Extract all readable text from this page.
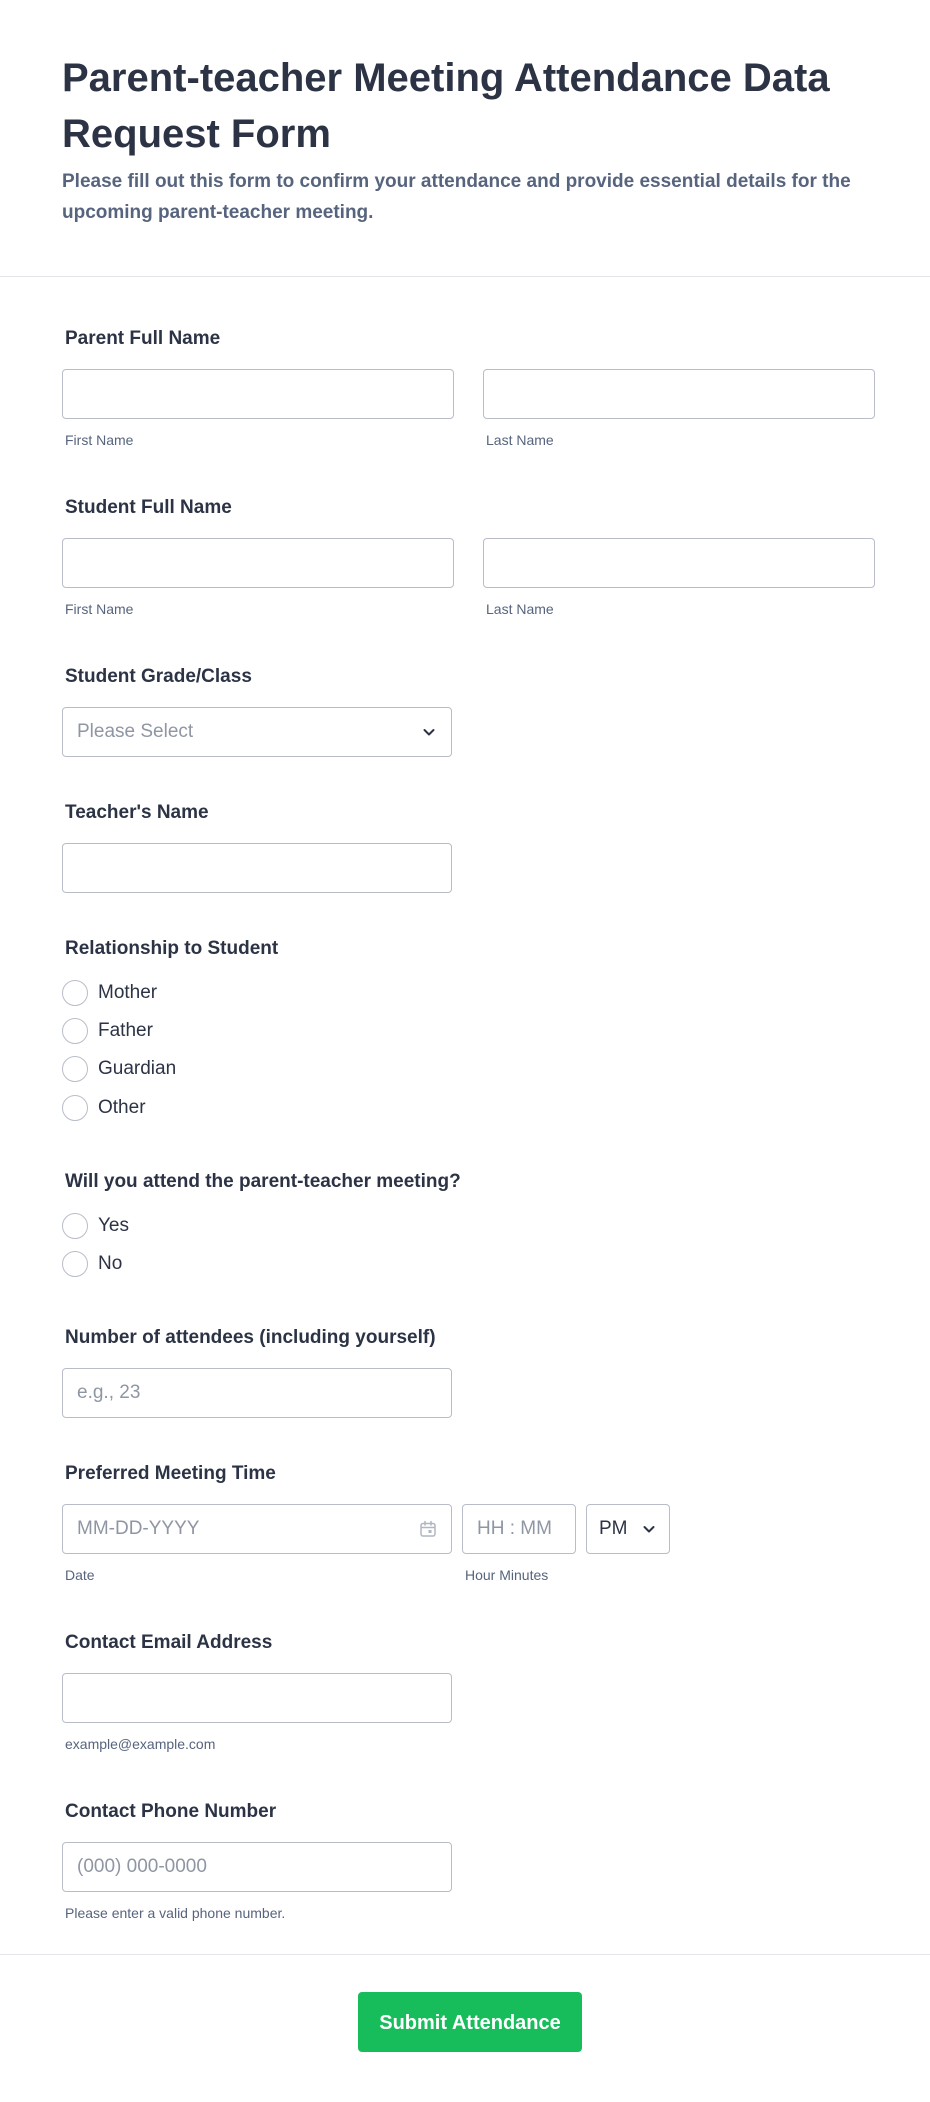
Parent-teacher Meeting Attendance Data Request Form

Please fill out this form to confirm your attendance and provide essential details for the upcoming parent-teacher meeting.

Parent Full Name
First Name	Last Name
Student Full Name
First Name	Last Name
Student Grade/Class
Please Select
Teacher's Name
Relationship to Student
Mother
Father
Guardian
Other
Will you attend the parent-teacher meeting?
Yes
No
Number of attendees (including yourself)
e.g., 23
Preferred Meeting Time
MM-DD-YYYY
Date
HH : MM	Hour Minutes
PM
Contact Email Address
example@example.com
Contact Phone Number
(000) 000-0000
Please enter a valid phone number.
Submit Attendance
